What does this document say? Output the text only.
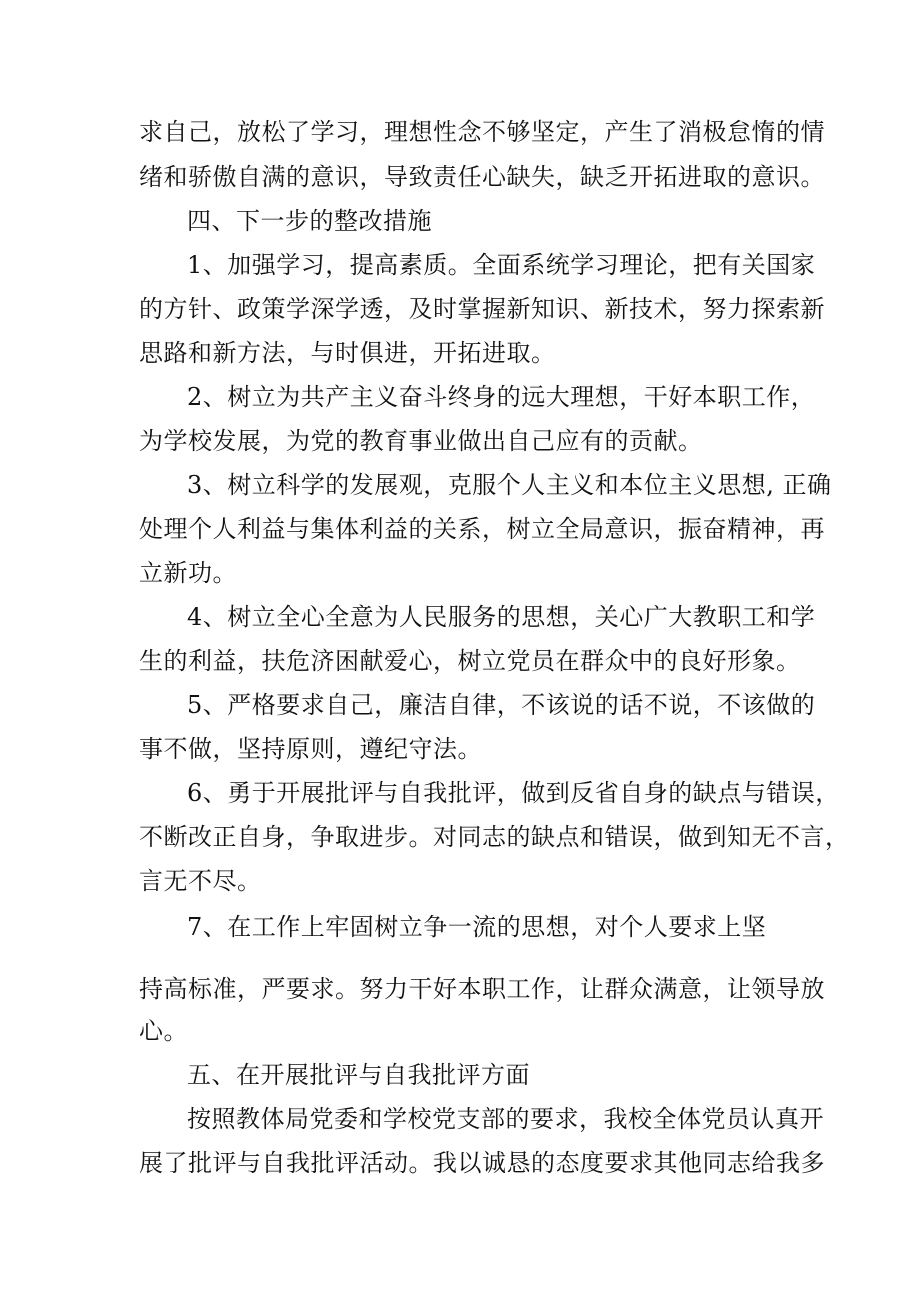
求自己，放松了学习，理想性念不够坚定，产生了消极怠惰的情
绪和骄傲自满的意识，导致责任心缺失，缺乏开拓进取的意识。
四、下一步的整改措施
1、加强学习，提高素质。全面系统学习理论，把有关国家
的方针、政策学深学透，及时掌握新知识、新技术，努力探索新
思路和新方法，与时俱进，开拓进取。
2、树立为共产主义奋斗终身的远大理想，干好本职工作，
为学校发展，为党的教育事业做出自己应有的贡献。
3、树立科学的发展观，克服个人主义和本位主义思想, 正确
处理个人利益与集体利益的关系，树立全局意识，振奋精神，再
立新功。
4、树立全心全意为人民服务的思想，关心广大教职工和学
生的利益，扶危济困献爱心，树立党员在群众中的良好形象。
5、严格要求自己，廉洁自律，不该说的话不说，不该做的
事不做，坚持原则，遵纪守法。
6、勇于开展批评与自我批评，做到反省自身的缺点与错误，
不断改正自身，争取进步。对同志的缺点和错误，做到知无不言，
言无不尽。
7、在工作上牢固树立争一流的思想，对个人要求上坚
持高标准，严要求。努力干好本职工作，让群众满意，让领导放
心。
五、在开展批评与自我批评方面
按照教体局党委和学校党支部的要求，我校全体党员认真开
展了批评与自我批评活动。我以诚恳的态度要求其他同志给我多
